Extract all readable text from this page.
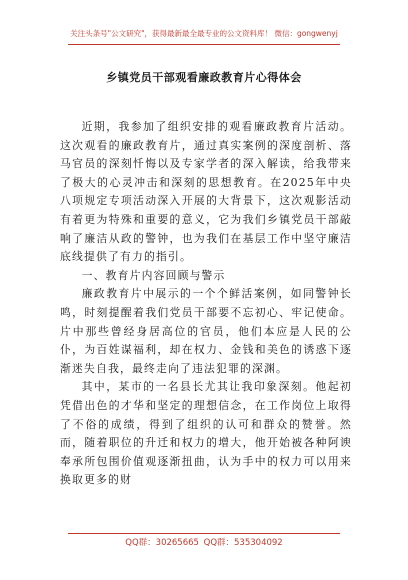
关注头条号"公文研究"，获得最新最全最专业的公文资料库！ 微信：gongwenyj
乡镇党员干部观看廉政教育片心得体会

近期，我参加了组织安排的观看廉政教育片活动。这次观看的廉政教育片，通过真实案例的深度剖析、落马官员的深刻忏悔以及专家学者的深入解读，给我带来了极大的心灵冲击和深刻的思想教育。在2025年中央八项规定专项活动深入开展的大背景下，这次观影活动有着更为特殊和重要的意义，它为我们乡镇党员干部敲响了廉洁从政的警钟，也为我们在基层工作中坚守廉洁底线提供了有力的指引。

一、教育片内容回顾与警示

廉政教育片中展示的一个个鲜活案例，如同警钟长鸣，时刻提醒着我们党员干部要不忘初心、牢记使命。片中那些曾经身居高位的官员，他们本应是人民的公仆，为百姓谋福利，却在权力、金钱和美色的诱惑下逐渐迷失自我，最终走向了违法犯罪的深渊。

其中，某市的一名县长尤其让我印象深刻。他起初凭借出色的才华和坚定的理想信念，在工作岗位上取得了不俗的成绩，得到了组织的认可和群众的赞誉。然而，随着职位的升迁和权力的增大，他开始被各种阿谀奉承所包围价值观逐渐扭曲，认为手中的权力可以用来换取更多的财

QQ群：30265665 QQ群：535304092
